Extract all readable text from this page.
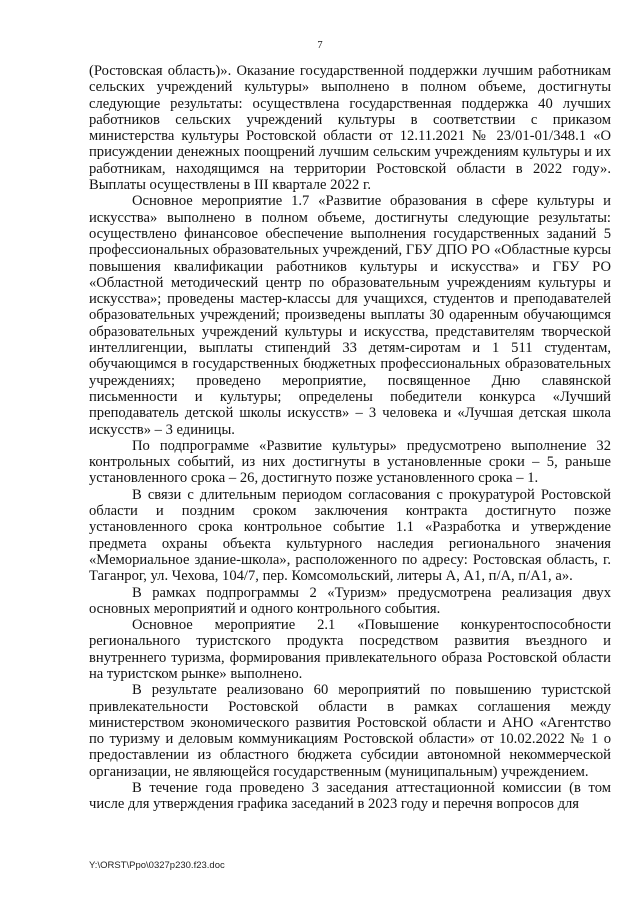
7

(Ростовская область)». Оказание государственной поддержки лучшим работникам сельских учреждений культуры» выполнено в полном объеме, достигнуты следующие результаты: осуществлена государственная поддержка 40 лучших работников сельских учреждений культуры в соответствии с приказом министерства культуры Ростовской области от 12.11.2021 № 23/01-01/348.1 «О присуждении денежных поощрений лучшим сельским учреждениям культуры и их работникам, находящимся на территории Ростовской области в 2022 году». Выплаты осуществлены в III квартале 2022 г.

Основное мероприятие 1.7 «Развитие образования в сфере культуры и искусства» выполнено в полном объеме, достигнуты следующие результаты: осуществлено финансовое обеспечение выполнения государственных заданий 5 профессиональных образовательных учреждений, ГБУ ДПО РО «Областные курсы повышения квалификации работников культуры и искусства» и ГБУ РО «Областной методический центр по образовательным учреждениям культуры и искусства»; проведены мастер-классы для учащихся, студентов и преподавателей образовательных учреждений; произведены выплаты 30 одаренным обучающимся образовательных учреждений культуры и искусства, представителям творческой интеллигенции, выплаты стипендий 33 детям-сиротам и 1 511 студентам, обучающимся в государственных бюджетных профессиональных образовательных учреждениях; проведено мероприятие, посвященное Дню славянской письменности и культуры; определены победители конкурса «Лучший преподаватель детской школы искусств» – 3 человека и «Лучшая детская школа искусств» – 3 единицы.

По подпрограмме «Развитие культуры» предусмотрено выполнение 32 контрольных событий, из них достигнуты в установленные сроки – 5, раньше установленного срока – 26, достигнуто позже установленного срока – 1.

В связи с длительным периодом согласования с прокуратурой Ростовской области и поздним сроком заключения контракта достигнуто позже установленного срока контрольное событие 1.1 «Разработка и утверждение предмета охраны объекта культурного наследия регионального значения «Мемориальное здание-школа», расположенного по адресу: Ростовская область, г. Таганрог, ул. Чехова, 104/7, пер. Комсомольский, литеры А, А1, п/А, п/А1, а».

В рамках подпрограммы 2 «Туризм» предусмотрена реализация двух основных мероприятий и одного контрольного события.

Основное мероприятие 2.1 «Повышение конкурентоспособности регионального туристского продукта посредством развития въездного и внутреннего туризма, формирования привлекательного образа Ростовской области на туристском рынке» выполнено.

В результате реализовано 60 мероприятий по повышению туристской привлекательности Ростовской области в рамках соглашения между министерством экономического развития Ростовской области и АНО «Агентство по туризму и деловым коммуникациям Ростовской области» от 10.02.2022 № 1 о предоставлении из областного бюджета субсидии автономной некоммерческой организации, не являющейся государственным (муниципальным) учреждением.

В течение года проведено 3 заседания аттестационной комиссии (в том числе для утверждения графика заседаний в 2023 году и перечня вопросов для

Y:\ORST\Ppo\0327p230.f23.doc
